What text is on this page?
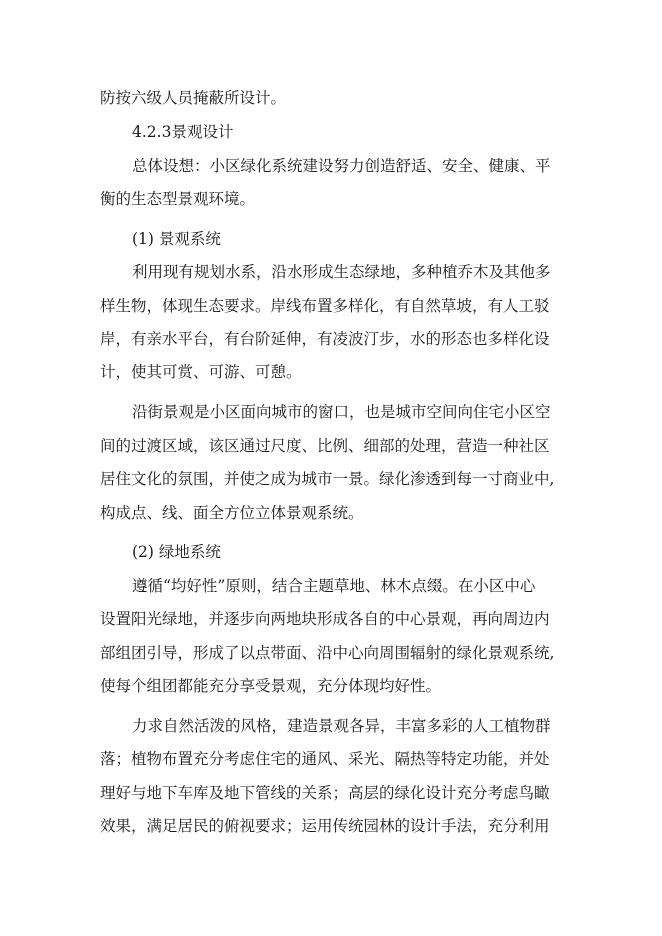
防按六级人员掩蔽所设计。
4.2.3景观设计
总体设想：小区绿化系统建设努力创造舒适、安全、健康、平
衡的生态型景观环境。
(1) 景观系统
利用现有规划水系，沿水形成生态绿地，多种植乔木及其他多
样生物，体现生态要求。岸线布置多样化，有自然草坡，有人工驳
岸，有亲水平台，有台阶延伸，有凌波汀步，水的形态也多样化设
计，使其可赏、可游、可憩。
沿街景观是小区面向城市的窗口，也是城市空间向住宅小区空
间的过渡区域，该区通过尺度、比例、细部的处理，营造一种社区
居住文化的氛围，并使之成为城市一景。绿化渗透到每一寸商业中,
构成点、线、面全方位立体景观系统。
(2) 绿地系统
遵循“均好性”原则，结合主题草地、林木点缀。在小区中心
设置阳光绿地，并逐步向两地块形成各自的中心景观，再向周边内
部组团引导，形成了以点带面、沿中心向周围辐射的绿化景观系统,
使每个组团都能充分享受景观，充分体现均好性。
力求自然活泼的风格，建造景观各异，丰富多彩的人工植物群
落；植物布置充分考虑住宅的通风、采光、隔热等特定功能，并处
理好与地下车库及地下管线的关系；高层的绿化设计充分考虑鸟瞰
效果，满足居民的俯视要求；运用传统园林的设计手法，充分利用
